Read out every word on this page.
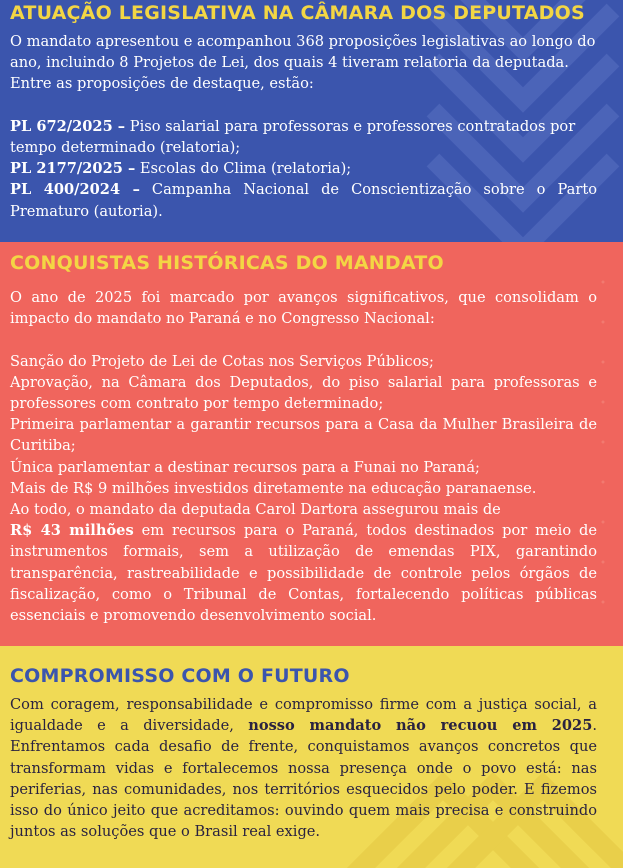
ATUAÇÃO LEGISLATIVA NA CÂMARA DOS DEPUTADOS

O mandato apresentou e acompanhou 368 proposições legislativas ao longo do ano, incluindo 8 Projetos de Lei, dos quais 4 tiveram relatoria da deputada. Entre as proposições de destaque, estão:

PL 672/2025 – Piso salarial para professoras e professores contratados por tempo determinado (relatoria);

PL 2177/2025 – Escolas do Clima (relatoria);

PL 400/2024 – Campanha Nacional de Conscientização sobre o Parto Prematuro (autoria).

CONQUISTAS HISTÓRICAS DO MANDATO

O ano de 2025 foi marcado por avanços significativos, que consolidam o impacto do mandato no Paraná e no Congresso Nacional:

Sanção do Projeto de Lei de Cotas nos Serviços Públicos;

Aprovação, na Câmara dos Deputados, do piso salarial para professoras e professores com contrato por tempo determinado;

Primeira parlamentar a garantir recursos para a Casa da Mulher Brasileira de Curitiba;

Única parlamentar a destinar recursos para a Funai no Paraná;

Mais de R$ 9 milhões investidos diretamente na educação paranaense.

Ao todo, o mandato da deputada Carol Dartora assegurou mais de

R$ 43 milhões em recursos para o Paraná, todos destinados por meio de instrumentos formais, sem a utilização de emendas PIX, garantindo transparência, rastreabilidade e possibilidade de controle pelos órgãos de fiscalização, como o Tribunal de Contas, fortalecendo políticas públicas essenciais e promovendo desenvolvimento social.

COMPROMISSO COM O FUTURO

Com coragem, responsabilidade e compromisso firme com a justiça social, a igualdade e a diversidade, nosso mandato não recuou em 2025. Enfrentamos cada desafio de frente, conquistamos avanços concretos que transformam vidas e fortalecemos nossa presença onde o povo está: nas periferias, nas comunidades, nos territórios esquecidos pelo poder. E fizemos isso do único jeito que acreditamos: ouvindo quem mais precisa e construindo juntos as soluções que o Brasil real exige.
